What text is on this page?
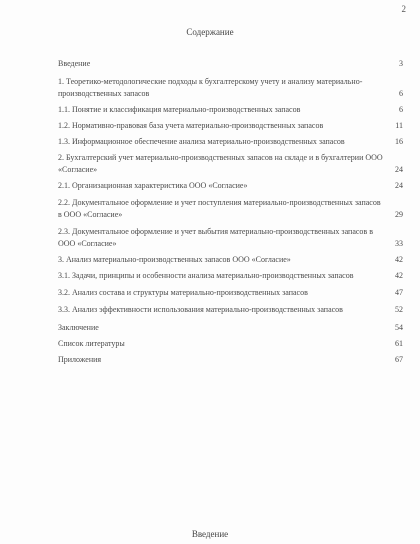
2
Содержание
Введение	3
1. Теоретико-методологические подходы к бухгалтерскому учету и анализу материально-производственных запасов	6
1.1. Понятие и классификация материально-производственных запасов	6
1.2. Нормативно-правовая база учета материально-производственных запасов	11
1.3. Информационное обеспечение анализа материально-производственных запасов	16
2. Бухгалтерский учет материально-производственных запасов на складе и в бухгалтерии ООО «Согласие»	24
2.1. Организационная характеристика ООО «Согласие»	24
2.2. Документальное оформление и учет поступления материально-производственных запасов в ООО «Согласие»	29
2.3. Документальное оформление и учет выбытия материально-производственных запасов в ООО «Согласие»	33
3. Анализ материально-производственных запасов ООО «Согласие»	42
3.1. Задачи, принципы и особенности анализа материально-производственных запасов	42
3.2. Анализ состава и структуры материально-производственных запасов	47
3.3. Анализ эффективности использования материально-производственных запасов	52
Заключение	54
Список литературы	61
Приложения	67
Введение
